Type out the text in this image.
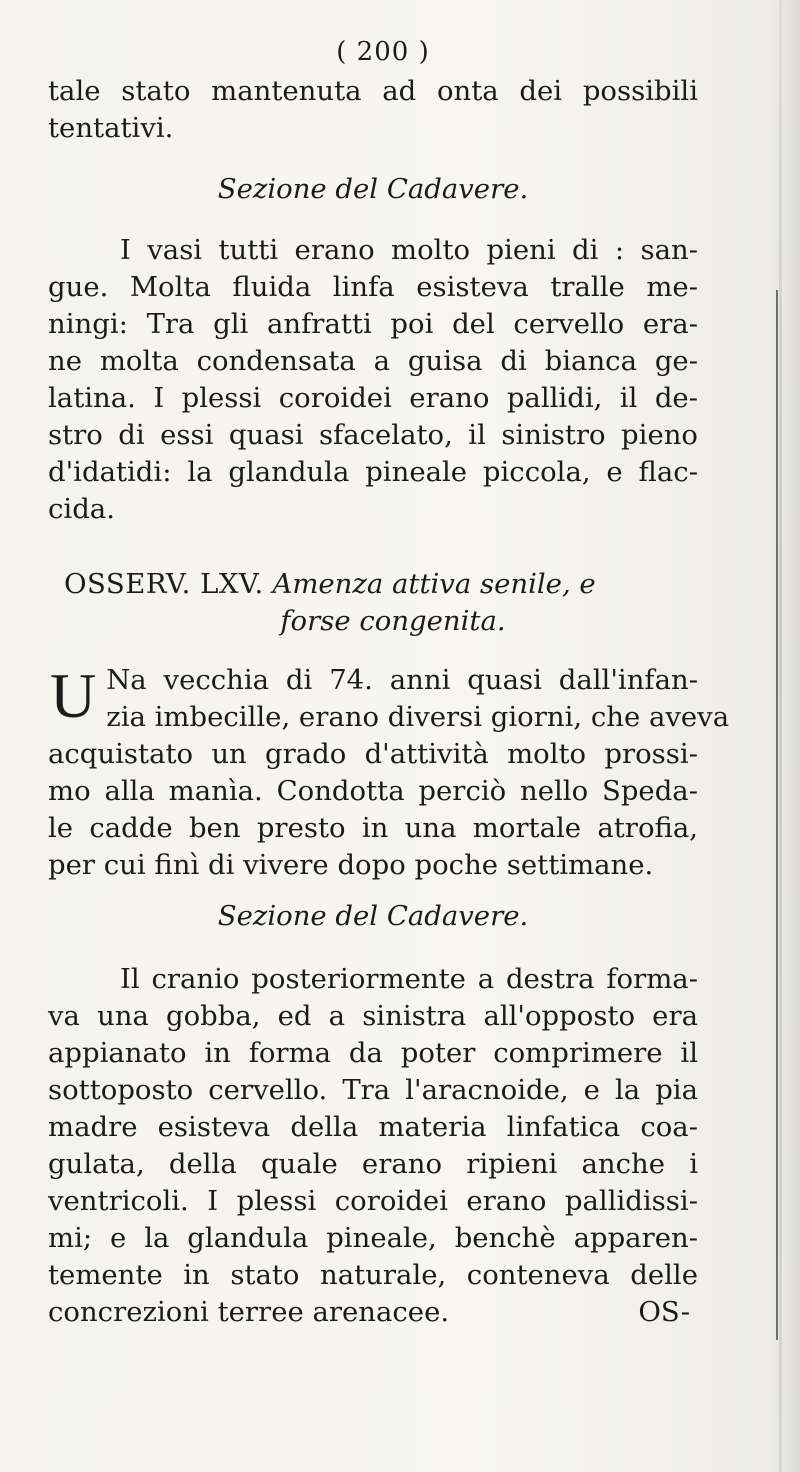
( 200 )
tale stato mantenuta ad onta dei possibili
tentativi.
Sezione del Cadavere.
I vasi tutti erano molto pieni di : san-
gue. Molta fluida linfa esisteva tralle me-
ningi: Tra gli anfratti poi del cervello era-
ne molta condensata a guisa di bianca ge-
latina. I plessi coroidei erano pallidi, il de-
stro di essi quasi sfacelato, il sinistro pieno
d'idatidi: la glandula pineale piccola, e flac-
cida.
OSSERV. LXV. Amenza attiva senile, e
forse congenita.
U Na vecchia di 74. anni quasi dall'infan-
zia imbecille, erano diversi giorni, che aveva
acquistato un grado d'attività molto prossi-
mo alla manìa. Condotta perciò nello Speda-
le cadde ben presto in una mortale atrofia,
per cui finì di vivere dopo poche settimane.
Sezione del Cadavere.
Il cranio posteriormente a destra forma-
va una gobba, ed a sinistra all'opposto era
appianato in forma da poter comprimere il
sottoposto cervello. Tra l'aracnoide, e la pia
madre esisteva della materia linfatica coa-
gulata, della quale erano ripieni anche i
ventricoli. I plessi coroidei erano pallidissi-
mi; e la glandula pineale, benchè apparen-
temente in stato naturale, conteneva delle
concrezioni terree arenacee.	OS-
